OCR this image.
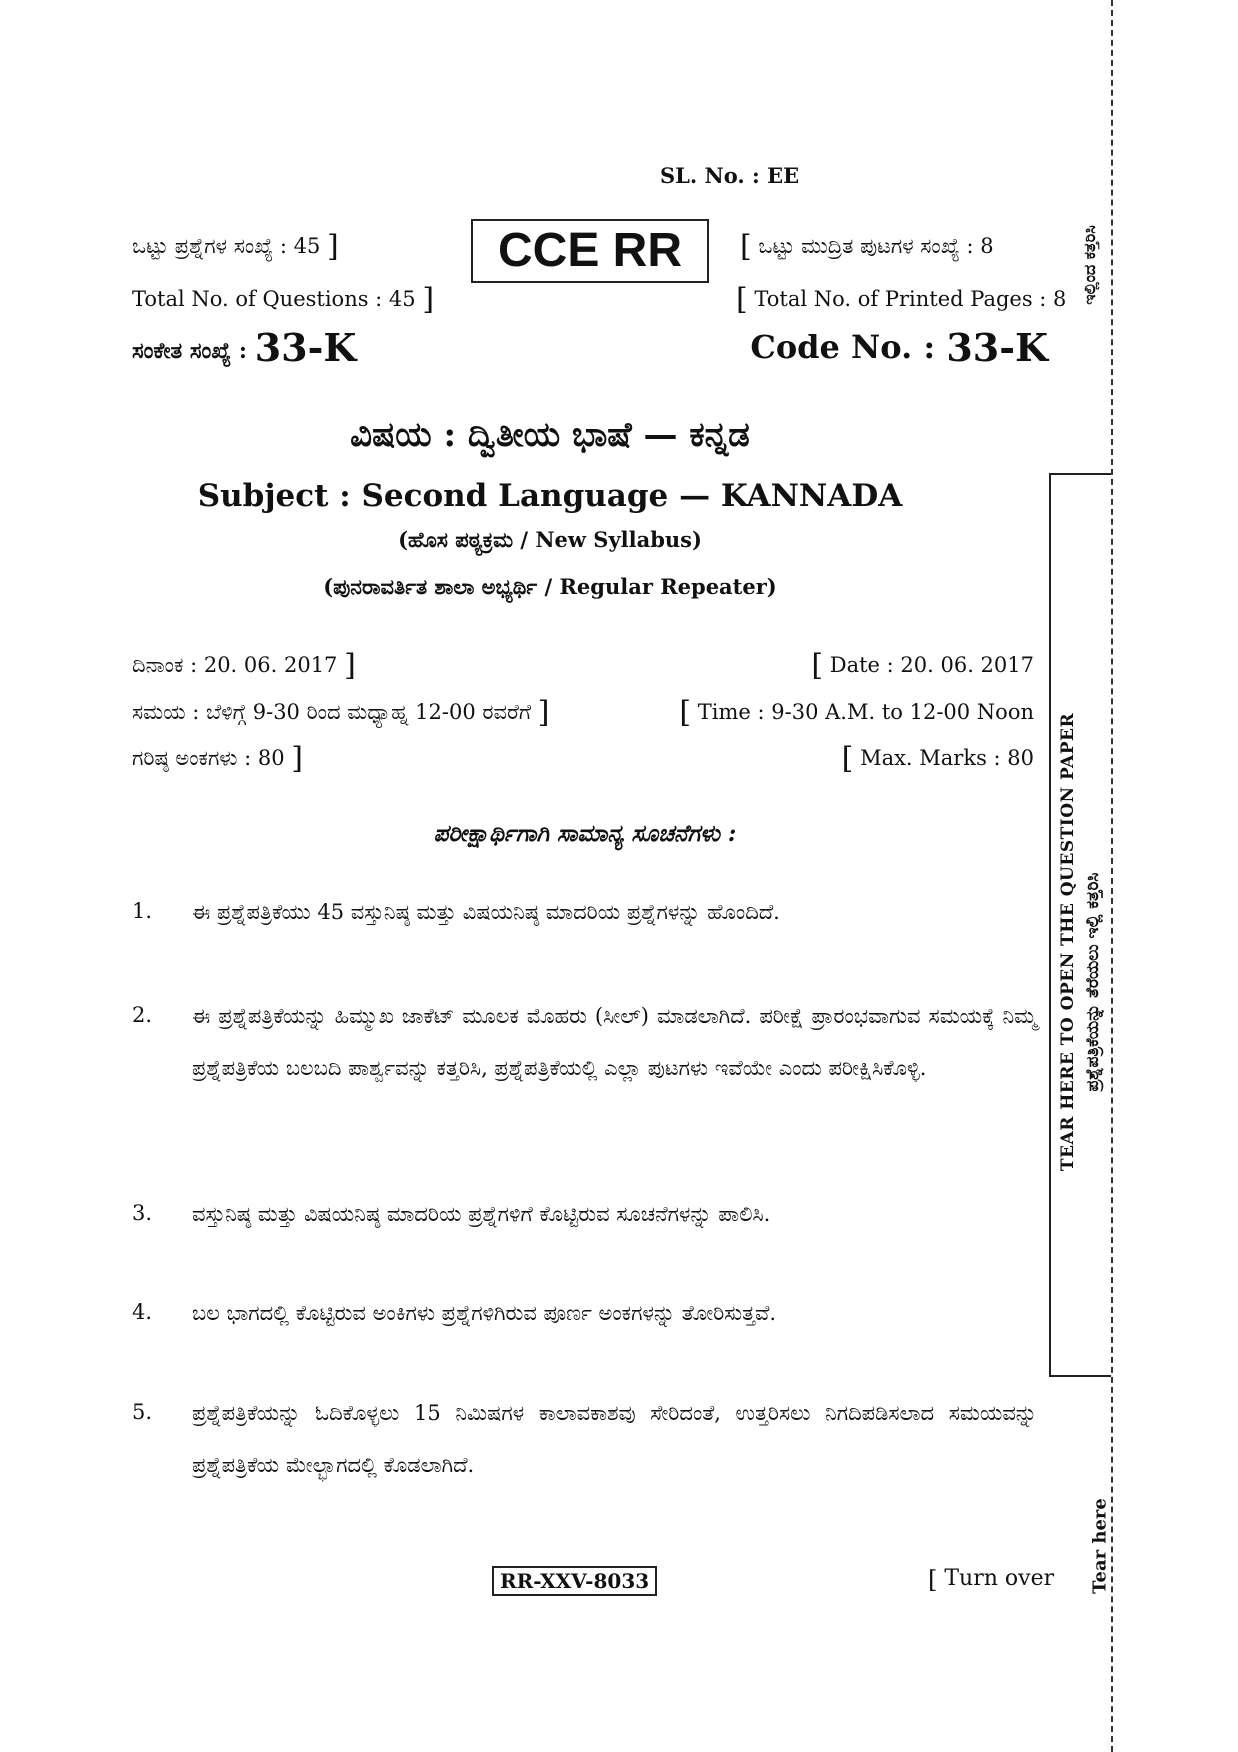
SL. No. : EE
ಒಟ್ಟು ಪ್ರಶ್ನೆಗಳ ಸಂಖ್ಯೆ : 45 ]
Total No. of Questions : 45 ]
CCE RR	[ ಒಟ್ಟು ಮುದ್ರಿತ ಪುಟಗಳ ಸಂಖ್ಯೆ : 8
[ Total No. of Printed Pages : 8
ಸಂಕೇತ ಸಂಖ್ಯೆ : 33-K	Code No. : 33-K
ವಿಷಯ : ದ್ವಿತೀಯ ಭಾಷೆ — ಕನ್ನಡ
Subject : Second Language — KANNADA
(ಹೊಸ ಪಠ್ಯಕ್ರಮ / New Syllabus)
(ಪುನರಾವರ್ತಿತ ಶಾಲಾ ಅಭ್ಯರ್ಥಿ / Regular Repeater)
ದಿನಾಂಕ : 20. 06. 2017 ]	[ Date : 20. 06. 2017
ಸಮಯ : ಬೆಳಿಗ್ಗೆ 9-30 ರಿಂದ ಮಧ್ಯಾಹ್ನ 12-00 ರವರೆಗೆ ]	[ Time : 9-30 A.M. to 12-00 Noon
ಗರಿಷ್ಠ ಅಂಕಗಳು : 80 ]	[ Max. Marks : 80
ಪರೀಕ್ಷಾರ್ಥಿಗಾಗಿ ಸಾಮಾನ್ಯ ಸೂಚನೆಗಳು :
1. ಈ ಪ್ರಶ್ನೆಪತ್ರಿಕೆಯು 45 ವಸ್ತುನಿಷ್ಠ ಮತ್ತು ವಿಷಯನಿಷ್ಠ ಮಾದರಿಯ ಪ್ರಶ್ನೆಗಳನ್ನು ಹೊಂದಿದೆ.
2. ಈ ಪ್ರಶ್ನೆಪತ್ರಿಕೆಯನ್ನು ಹಿಮ್ಮುಖ ಜಾಕೆಟ್ ಮೂಲಕ ಮೊಹರು (ಸೀಲ್) ಮಾಡಲಾಗಿದೆ. ಪರೀಕ್ಷೆ ಪ್ರಾರಂಭವಾಗುವ ಸಮಯಕ್ಕೆ ನಿಮ್ಮ ಪ್ರಶ್ನೆಪತ್ರಿಕೆಯ ಬಲಬದಿ ಪಾರ್ಶ್ವವನ್ನು ಕತ್ತರಿಸಿ, ಪ್ರಶ್ನೆಪತ್ರಿಕೆಯಲ್ಲಿ ಎಲ್ಲಾ ಪುಟಗಳು ಇವೆಯೇ ಎಂದು ಪರೀಕ್ಷಿಸಿಕೊಳ್ಳಿ.
3. ವಸ್ತುನಿಷ್ಠ ಮತ್ತು ವಿಷಯನಿಷ್ಠ ಮಾದರಿಯ ಪ್ರಶ್ನೆಗಳಿಗೆ ಕೊಟ್ಟಿರುವ ಸೂಚನೆಗಳನ್ನು ಪಾಲಿಸಿ.
4. ಬಲ ಭಾಗದಲ್ಲಿ ಕೊಟ್ಟಿರುವ ಅಂಕಿಗಳು ಪ್ರಶ್ನೆಗಳಿಗಿರುವ ಪೂರ್ಣ ಅಂಕಗಳನ್ನು ತೋರಿಸುತ್ತವೆ.
5. ಪ್ರಶ್ನೆಪತ್ರಿಕೆಯನ್ನು ಓದಿಕೊಳ್ಳಲು 15 ನಿಮಿಷಗಳ ಕಾಲಾವಕಾಶವು ಸೇರಿದಂತೆ, ಉತ್ತರಿಸಲು ನಿಗದಿಪಡಿಸಲಾದ ಸಮಯವನ್ನು ಪ್ರಶ್ನೆಪತ್ರಿಕೆಯ ಮೇಲ್ಭಾಗದಲ್ಲಿ ಕೊಡಲಾಗಿದೆ.
RR-XXV-8033	[ Turn over
ಇಲ್ಲಿಂದ ಕತ್ತರಿಸಿ
TEAR HERE TO OPEN THE QUESTION PAPER ಪ್ರಶ್ನೆಪತ್ರಿಕೆಯನ್ನು ತೆರೆಯಲು ಇಲ್ಲಿ ಕತ್ತರಿಸಿ
Tear here
